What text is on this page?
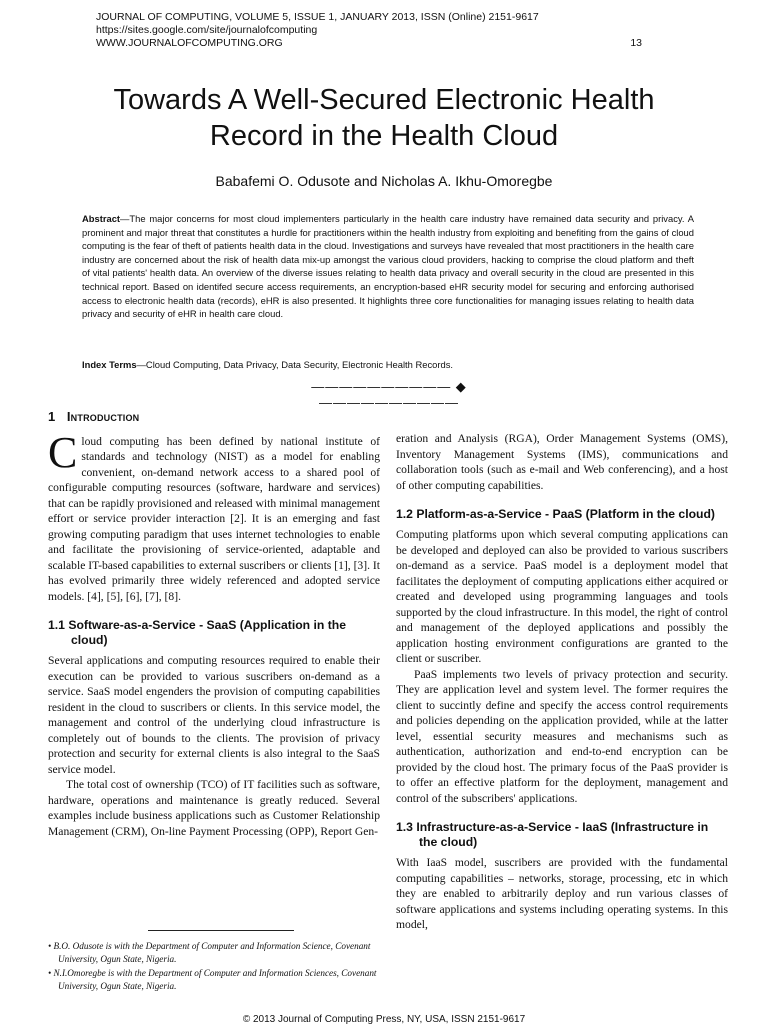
JOURNAL OF COMPUTING, VOLUME 5, ISSUE 1, JANUARY 2013, ISSN (Online) 2151-9617
https://sites.google.com/site/journalofcomputing
WWW.JOURNALOFCOMPUTING.ORG	13
Towards A Well-Secured Electronic Health
Record in the Health Cloud
Babafemi O. Odusote and Nicholas A. Ikhu-Omoregbe
Abstract—The major concerns for most cloud implementers particularly in the health care industry have remained data security and privacy. A prominent and major threat that constitutes a hurdle for practitioners within the health industry from exploiting and benefiting from the gains of cloud computing is the fear of theft of patients health data in the cloud. Investigations and surveys have revealed that most practitioners in the health care industry are concerned about the risk of health data mix-up amongst the various cloud providers, hacking to comprise the cloud platform and theft of vital patients' health data. An overview of the diverse issues relating to health data privacy and overall security in the cloud are presented in this technical report. Based on identifed secure access requirements, an encryption-based eHR security model for securing and enforcing authorised access to electronic health data (records), eHR is also presented. It highlights three core functionalities for managing issues relating to health data privacy and security of eHR in health care cloud.
Index Terms—Cloud Computing, Data Privacy, Data Security, Electronic Health Records.
—————————— ◆ ——————————
1 Introduction

Cloud computing has been defined by national institute of standards and technology (NIST) as a model for enabling convenient, on-demand network access to a shared pool of configurable computing resources (software, hardware and services) that can be rapidly provisioned and released with minimal management effort or service provider interaction [2]. It is an emerging and fast growing computing paradigm that uses internet technologies to enable and facilitate the provisioning of service-oriented, adaptable and scalable IT-based capabilities to external suscribers or clients [1], [3]. It has evolved primarily three widely referenced and adopted service models. [4], [5], [6], [7], [8].

1.1 Software-as-a-Service - SaaS (Application in the cloud)

Several applications and computing resources required to enable their execution can be provided to various suscribers on-demand as a service. SaaS model engenders the provision of computing capabilities resident in the cloud to suscribers or clients. In this service model, the management and control of the underlying cloud infrastructure is completely out of bounds to the clients. The provision of privacy protection and security for external clients is also integral to the SaaS service model.

The total cost of ownership (TCO) of IT facilities such as software, hardware, operations and maintenance is greatly reduced. Several examples include business applications such as Customer Relationship Management (CRM), On-line Payment Processing (OPP), Report Gen-

• B.O. Odusote is with the Department of Computer and Information Science, Covenant University, Ogun State, Nigeria.

• N.I.Omoregbe is with the Department of Computer and Information Sciences, Covenant University, Ogun State, Nigeria.

eration and Analysis (RGA), Order Management Systems (OMS), Inventory Management Systems (IMS), communications and collaboration tools (such as e-mail and Web conferencing), and a host of other computing capabilities.

1.2 Platform-as-a-Service - PaaS (Platform in the cloud)

Computing platforms upon which several computing applications can be developed and deployed can also be provided to various suscribers on-demand as a service. PaaS model is a deployment model that facilitates the deployment of computing applications either acquired or created and developed using programming languages and tools supported by the cloud infrastructure. In this model, the right of control and management of the deployed applications and possibly the application hosting environment configurations are granted to the client or suscriber.

PaaS implements two levels of privacy protection and security. They are application level and system level. The former requires the client to succintly define and specify the access control requirements and policies depending on the application provided, while at the latter level, essential security measures and mechanisms such as authentication, authorization and end-to-end encryption can be provided by the cloud host. The primary focus of the PaaS provider is to offer an effective platform for the deployment, management and control of the subscribers' applications.

1.3 Infrastructure-as-a-Service - IaaS (Infrastructure in the cloud)

With IaaS model, suscribers are provided with the fundamental computing capabilities – networks, storage, processing, etc in which they are enabled to arbitrarily deploy and run various classes of software applications and systems including operating systems. In this model,

© 2013 Journal of Computing Press, NY, USA, ISSN 2151-9617
